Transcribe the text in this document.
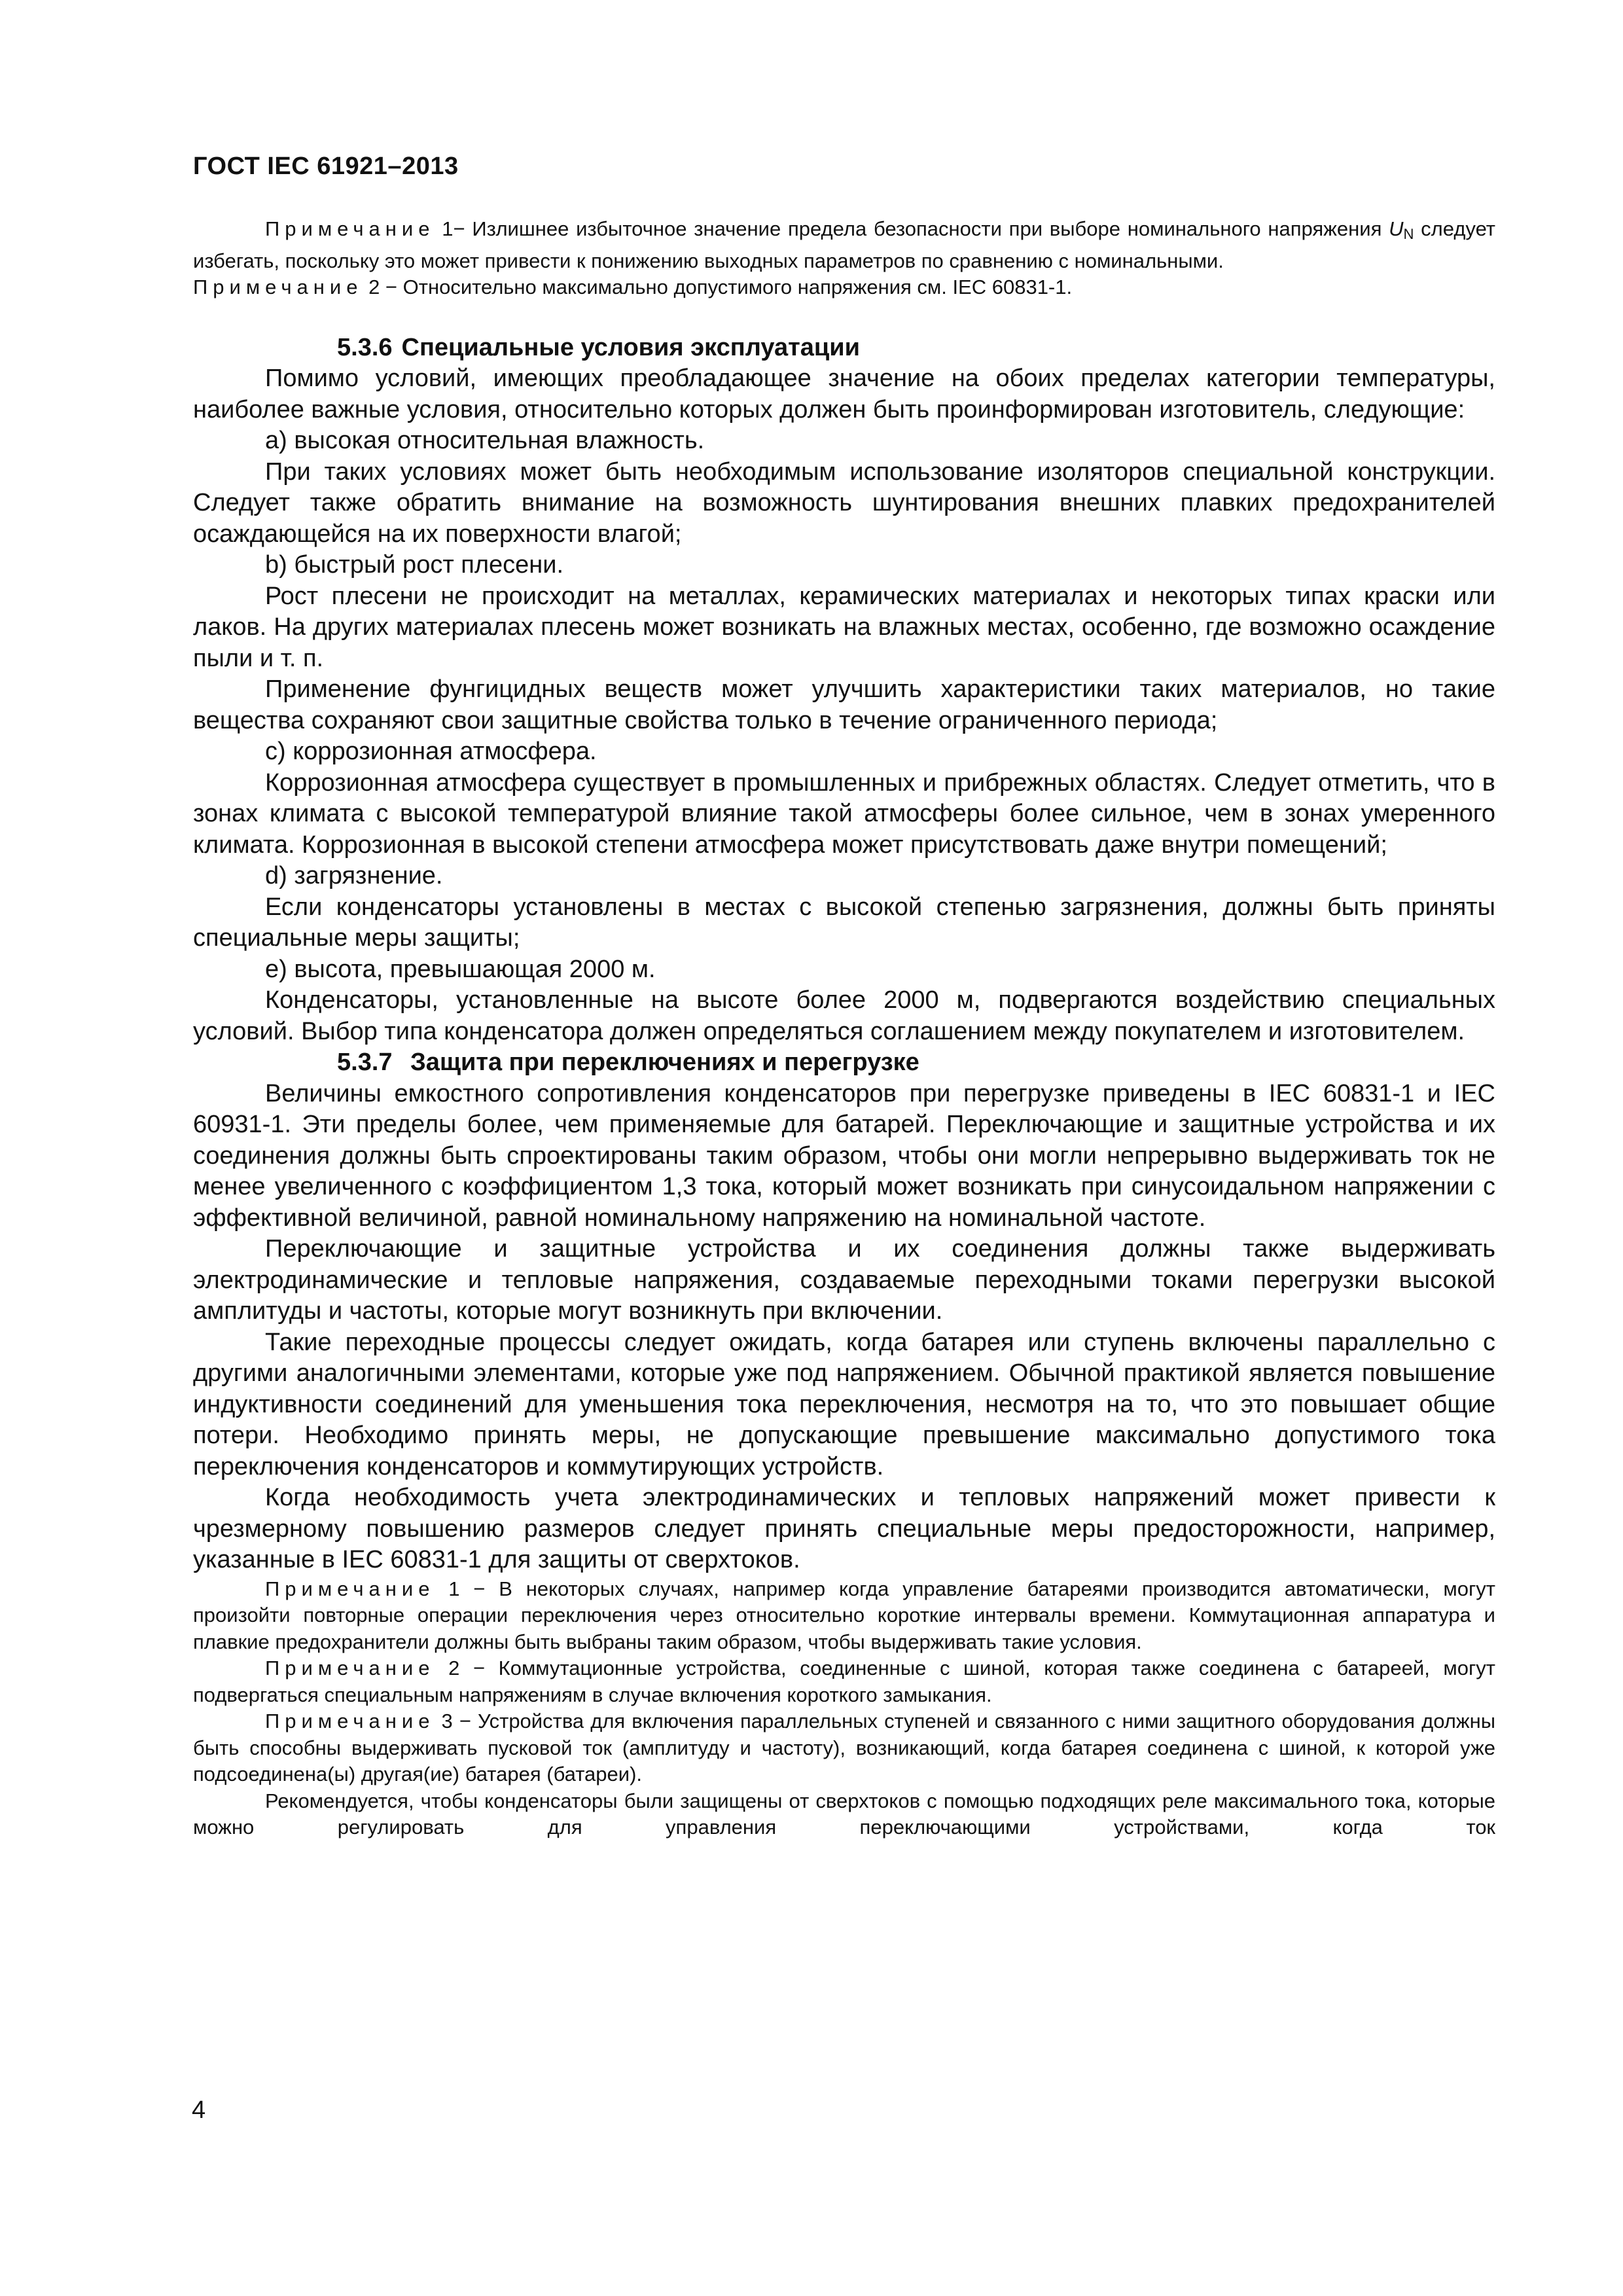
ГОСТ IEC 61921–2013

Примечание 1− Излишнее избыточное значение предела безопасности при выборе номинального напряжения $U_N$ следует избегать, поскольку это может привести к понижению выходных параметров по сравнению с номинальными.

Примечание 2 − Относительно максимально допустимого напряжения см. IEC 60831-1.

5.3.6 Специальные условия эксплуатации

Помимо условий, имеющих преобладающее значение на обоих пределах категории температуры, наиболее важные условия, относительно которых должен быть проинформирован изготовитель, следующие:

a) высокая относительная влажность.

При таких условиях может быть необходимым использование изоляторов специальной конструкции. Следует также обратить внимание на возможность шунтирования внешних плавких предохранителей осаждающейся на их поверхности влагой;

b) быстрый рост плесени.

Рост плесени не происходит на металлах, керамических материалах и некоторых типах краски или лаков. На других материалах плесень может возникать на влажных местах, особенно, где возможно осаждение пыли и т. п.

Применение фунгицидных веществ может улучшить характеристики таких материалов, но такие вещества сохраняют свои защитные свойства только в течение ограниченного периода;

c) коррозионная атмосфера.

Коррозионная атмосфера существует в промышленных и прибрежных областях. Следует отметить, что в зонах климата с высокой температурой влияние такой атмосферы более сильное, чем в зонах умеренного климата. Коррозионная в высокой степени атмосфера может присутствовать даже внутри помещений;

d) загрязнение.

Если конденсаторы установлены в местах с высокой степенью загрязнения, должны быть приняты специальные меры защиты;

e) высота, превышающая 2000 м.

Конденсаторы, установленные на высоте более 2000 м, подвергаются воздействию специальных условий. Выбор типа конденсатора должен определяться соглашением между покупателем и изготовителем.

5.3.7 Защита при переключениях и перегрузке

Величины емкостного сопротивления конденсаторов при перегрузке приведены в IEC 60831-1 и IEC 60931-1. Эти пределы более, чем применяемые для батарей. Переключающие и защитные устройства и их соединения должны быть спроектированы таким образом, чтобы они могли непрерывно выдерживать ток не менее увеличенного с коэффициентом 1,3 тока, который может возникать при синусоидальном напряжении с эффективной величиной, равной номинальному напряжению на номинальной частоте.

Переключающие и защитные устройства и их соединения должны также выдерживать электродинамические и тепловые напряжения, создаваемые переходными токами перегрузки высокой амплитуды и частоты, которые могут возникнуть при включении.

Такие переходные процессы следует ожидать, когда батарея или ступень включены параллельно с другими аналогичными элементами, которые уже под напряжением. Обычной практикой является повышение индуктивности соединений для уменьшения тока переключения, несмотря на то, что это повышает общие потери. Необходимо принять меры, не допускающие превышение максимально допустимого тока переключения конденсаторов и коммутирующих устройств.

Когда необходимость учета электродинамических и тепловых напряжений может привести к чрезмерному повышению размеров следует принять специальные меры предосторожности, например, указанные в IEC 60831-1 для защиты от сверхтоков.

Примечание 1 − В некоторых случаях, например когда управление батареями производится автоматически, могут произойти повторные операции переключения через относительно короткие интервалы времени. Коммутационная аппаратура и плавкие предохранители должны быть выбраны таким образом, чтобы выдерживать такие условия.

Примечание 2 − Коммутационные устройства, соединенные с шиной, которая также соединена с батареей, могут подвергаться специальным напряжениям в случае включения короткого замыкания.

Примечание 3 − Устройства для включения параллельных ступеней и связанного с ними защитного оборудования должны быть способны выдерживать пусковой ток (амплитуду и частоту), возникающий, когда батарея соединена с шиной, к которой уже подсоединена(ы) другая(ие) батарея (батареи).

Рекомендуется, чтобы конденсаторы были защищены от сверхтоков с помощью подходящих реле максимального тока, которые можно регулировать для управления переключающими устройствами, когда ток

4
